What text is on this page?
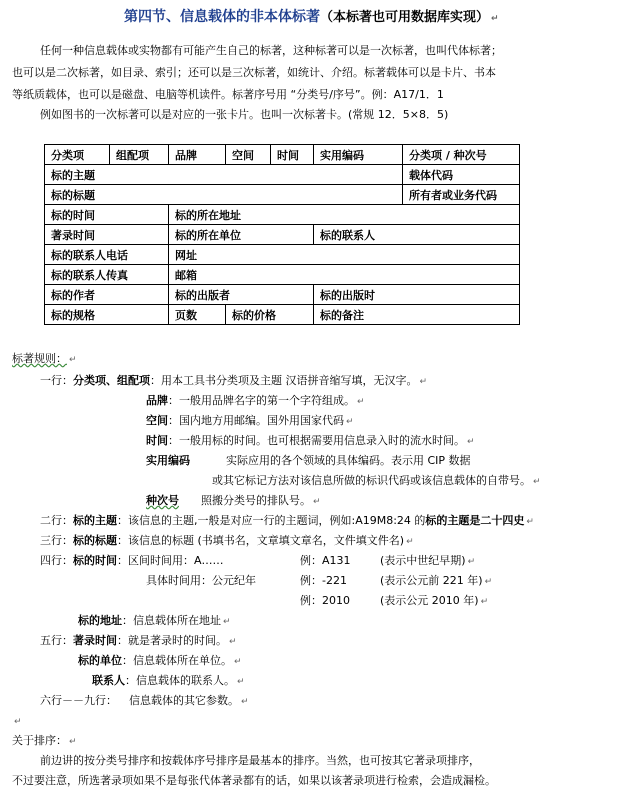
第四节、信息载体的非本体标著（本标著也可用数据库实现） ↵
任何一种信息载体或实物都有可能产生自己的标著，这种标著可以是一次标著，也叫代体标著；
也可以是二次标著，如目录、索引；还可以是三次标著，如统计、介绍。标著载体可以是卡片、书本
等纸质载体，也可以是磁盘、电脑等机读件。标著序号用 “分类号/序号”。例：A17/1．1
例如图书的一次标著可以是对应的一张卡片。也叫一次标著卡。(常规 12．5×8．5)
分类项	组配项	品牌	空间	时间	实用编码	分类项 / 种次号
标的主题						载体代码
标的标题						所有者或业务代码
标的时间		标的所在地址				
著录时间		标的所在单位			标的联系人	
标的联系人电话		网址				
标的联系人传真		邮箱				
标的作者		标的出版者			标的出版时	
标的规格		页数	标的价格		标的备注	
标著规则： ↵
一行：分类项、组配项：用本工具书分类项及主题 汉语拼音缩写填，无汉字。 ↵
品牌：一般用品牌名字的第一个字符组成。 ↵
空间：国内地方用邮编。国外用国家代码 ↵
时间：一般用标的时间。也可根据需要用信息录入时的流水时间。 ↵
实用编码	实际应用的各个领域的具体编码。表示用 CIP 数据
或其它标记方法对该信息所做的标识代码或该信息载体的自带号。 ↵
种次号 照搬分类号的排队号。 ↵
二行：标的主题：该信息的主题,一般是对应一行的主题词，例如:A19M8:24 的标的主题是二十四史 ↵
三行：标的标题：该信息的标题 (书填书名，文章填文章名，文件填文件名) ↵
四行：标的时间：区间时间用：A……	例：A131	(表示中世纪早期) ↵
具体时间用：公元纪年	例：-221	(表示公元前 221 年) ↵
例：2010	(表示公元 2010 年) ↵
标的地址：信息载体所在地址 ↵
五行：著录时间：就是著录时的时间。 ↵
标的单位：信息载体所在单位。 ↵
联系人：信息载体的联系人。 ↵
六行－－九行： 信息载体的其它参数。 ↵
↵
关于排序： ↵
前边讲的按分类号排序和按载体序号排序是最基本的排序。当然，也可按其它著录项排序，
不过要注意，所选著录项如果不是每张代体著录都有的话，如果以该著录项进行检索，会造成漏检。
